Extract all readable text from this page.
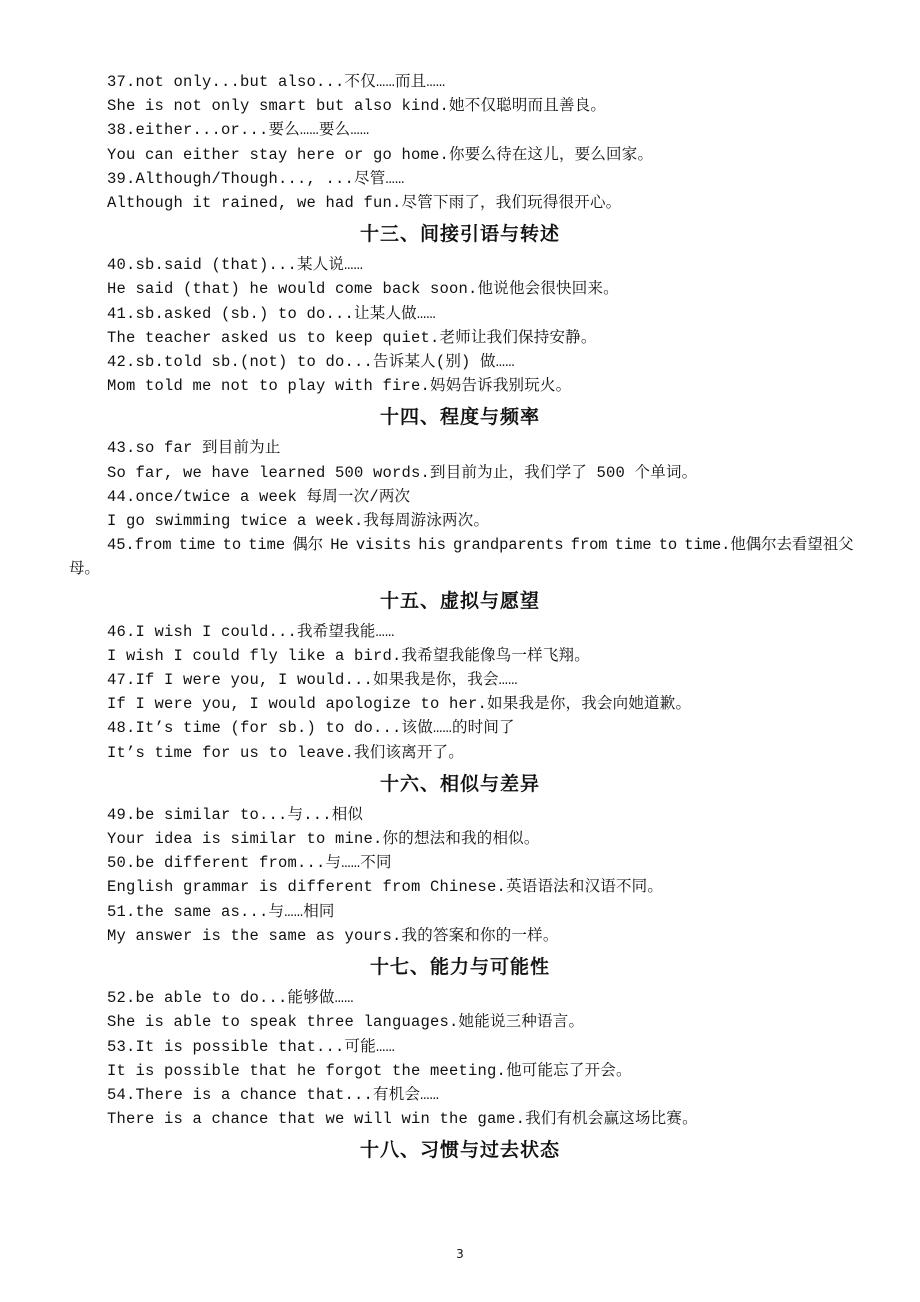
37.not only...but also...不仅……而且……

She is not only smart but also kind.她不仅聪明而且善良。

38.either...or...要么……要么……

You can either stay here or go home.你要么待在这儿，要么回家。

39.Although/Though..., ...尽管……

Although it rained, we had fun.尽管下雨了，我们玩得很开心。

十三、间接引语与转述

40.sb.said (that)...某人说……

He said (that) he would come back soon.他说他会很快回来。

41.sb.asked (sb.) to do...让某人做……

The teacher asked us to keep quiet.老师让我们保持安静。

42.sb.told sb.(not) to do...告诉某人(别) 做……

Mom told me not to play with fire.妈妈告诉我别玩火。

十四、程度与频率

43.so far 到目前为止

So far, we have learned 500 words.到目前为止，我们学了 500 个单词。

44.once/twice a week 每周一次/两次

I go swimming twice a week.我每周游泳两次。

45.from time to time 偶尔 He visits his grandparents from time to time.他偶尔去看望祖父母。

十五、虚拟与愿望

46.I wish I could...我希望我能……

I wish I could fly like a bird.我希望我能像鸟一样飞翔。

47.If I were you, I would...如果我是你，我会……

If I were you, I would apologize to her.如果我是你，我会向她道歉。

48.It’s time (for sb.) to do...该做……的时间了

It’s time for us to leave.我们该离开了。

十六、相似与差异

49.be similar to...与...相似

Your idea is similar to mine.你的想法和我的相似。

50.be different from...与……不同

English grammar is different from Chinese.英语语法和汉语不同。

51.the same as...与……相同

My answer is the same as yours.我的答案和你的一样。

十七、能力与可能性

52.be able to do...能够做……

She is able to speak three languages.她能说三种语言。

53.It is possible that...可能……

It is possible that he forgot the meeting.他可能忘了开会。

54.There is a chance that...有机会……

There is a chance that we will win the game.我们有机会赢这场比赛。

十八、习惯与过去状态
3
